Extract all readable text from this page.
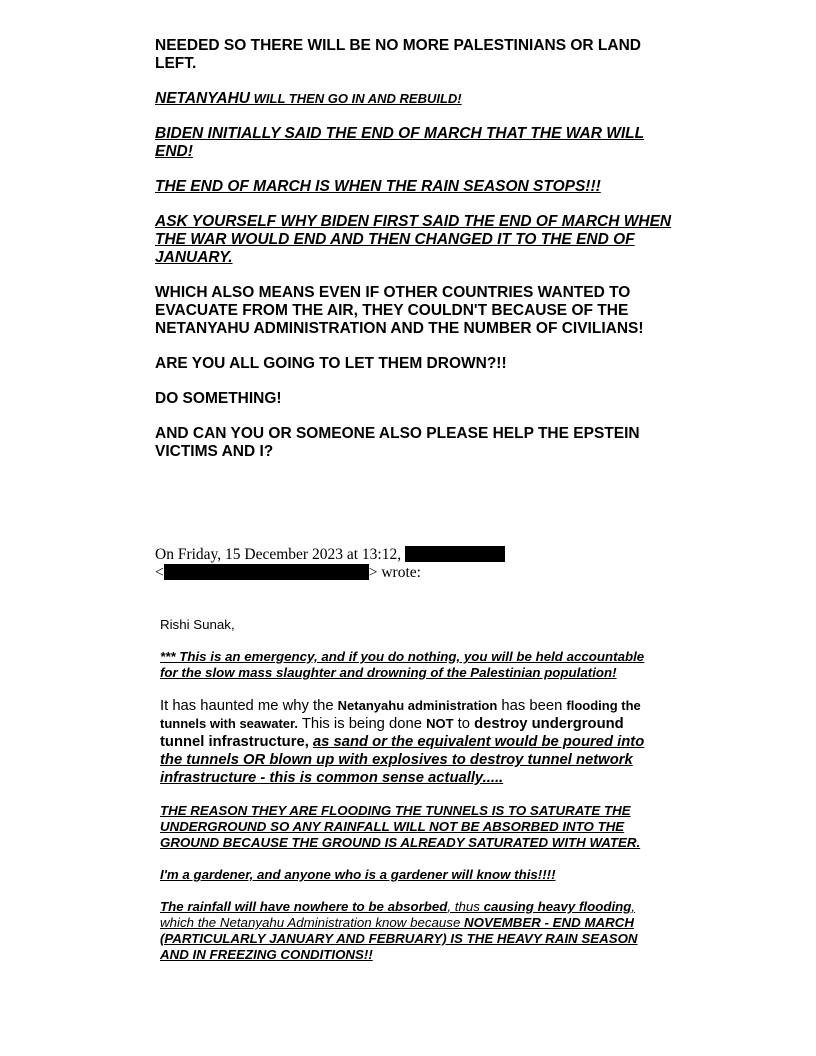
NEEDED SO THERE WILL BE NO MORE PALESTINIANS OR LAND LEFT.

NETANYAHU WILL THEN GO IN AND REBUILD!

BIDEN INITIALLY SAID THE END OF MARCH THAT THE WAR WILL END!

THE END OF MARCH IS WHEN THE RAIN SEASON STOPS!!!

ASK YOURSELF WHY BIDEN FIRST SAID THE END OF MARCH WHEN THE WAR WOULD END AND THEN CHANGED IT TO THE END OF JANUARY.

WHICH ALSO MEANS EVEN IF OTHER COUNTRIES WANTED TO EVACUATE FROM THE AIR, THEY COULDN'T BECAUSE OF THE NETANYAHU ADMINISTRATION AND THE NUMBER OF CIVILIANS!

ARE YOU ALL GOING TO LET THEM DROWN?!!

DO SOMETHING!

AND CAN YOU OR SOMEONE ALSO PLEASE HELP THE EPSTEIN VICTIMS AND I?

On Friday, 15 December 2023 at 13:12,
<	> wrote:

Rishi Sunak,

*** This is an emergency, and if you do nothing, you will be held accountable for the slow mass slaughter and drowning of the Palestinian population!

It has haunted me why the Netanyahu administration has been flooding the tunnels with seawater. This is being done NOT to destroy underground tunnel infrastructure, as sand or the equivalent would be poured into the tunnels OR blown up with explosives to destroy tunnel network infrastructure - this is common sense actually.....

THE REASON THEY ARE FLOODING THE TUNNELS IS TO SATURATE THE UNDERGROUND SO ANY RAINFALL WILL NOT BE ABSORBED INTO THE GROUND BECAUSE THE GROUND IS ALREADY SATURATED WITH WATER.

I'm a gardener, and anyone who is a gardener will know this!!!!

The rainfall will have nowhere to be absorbed, thus causing heavy flooding, which the Netanyahu Administration know because NOVEMBER - END MARCH (PARTICULARLY JANUARY AND FEBRUARY) IS THE HEAVY RAIN SEASON AND IN FREEZING CONDITIONS!!
